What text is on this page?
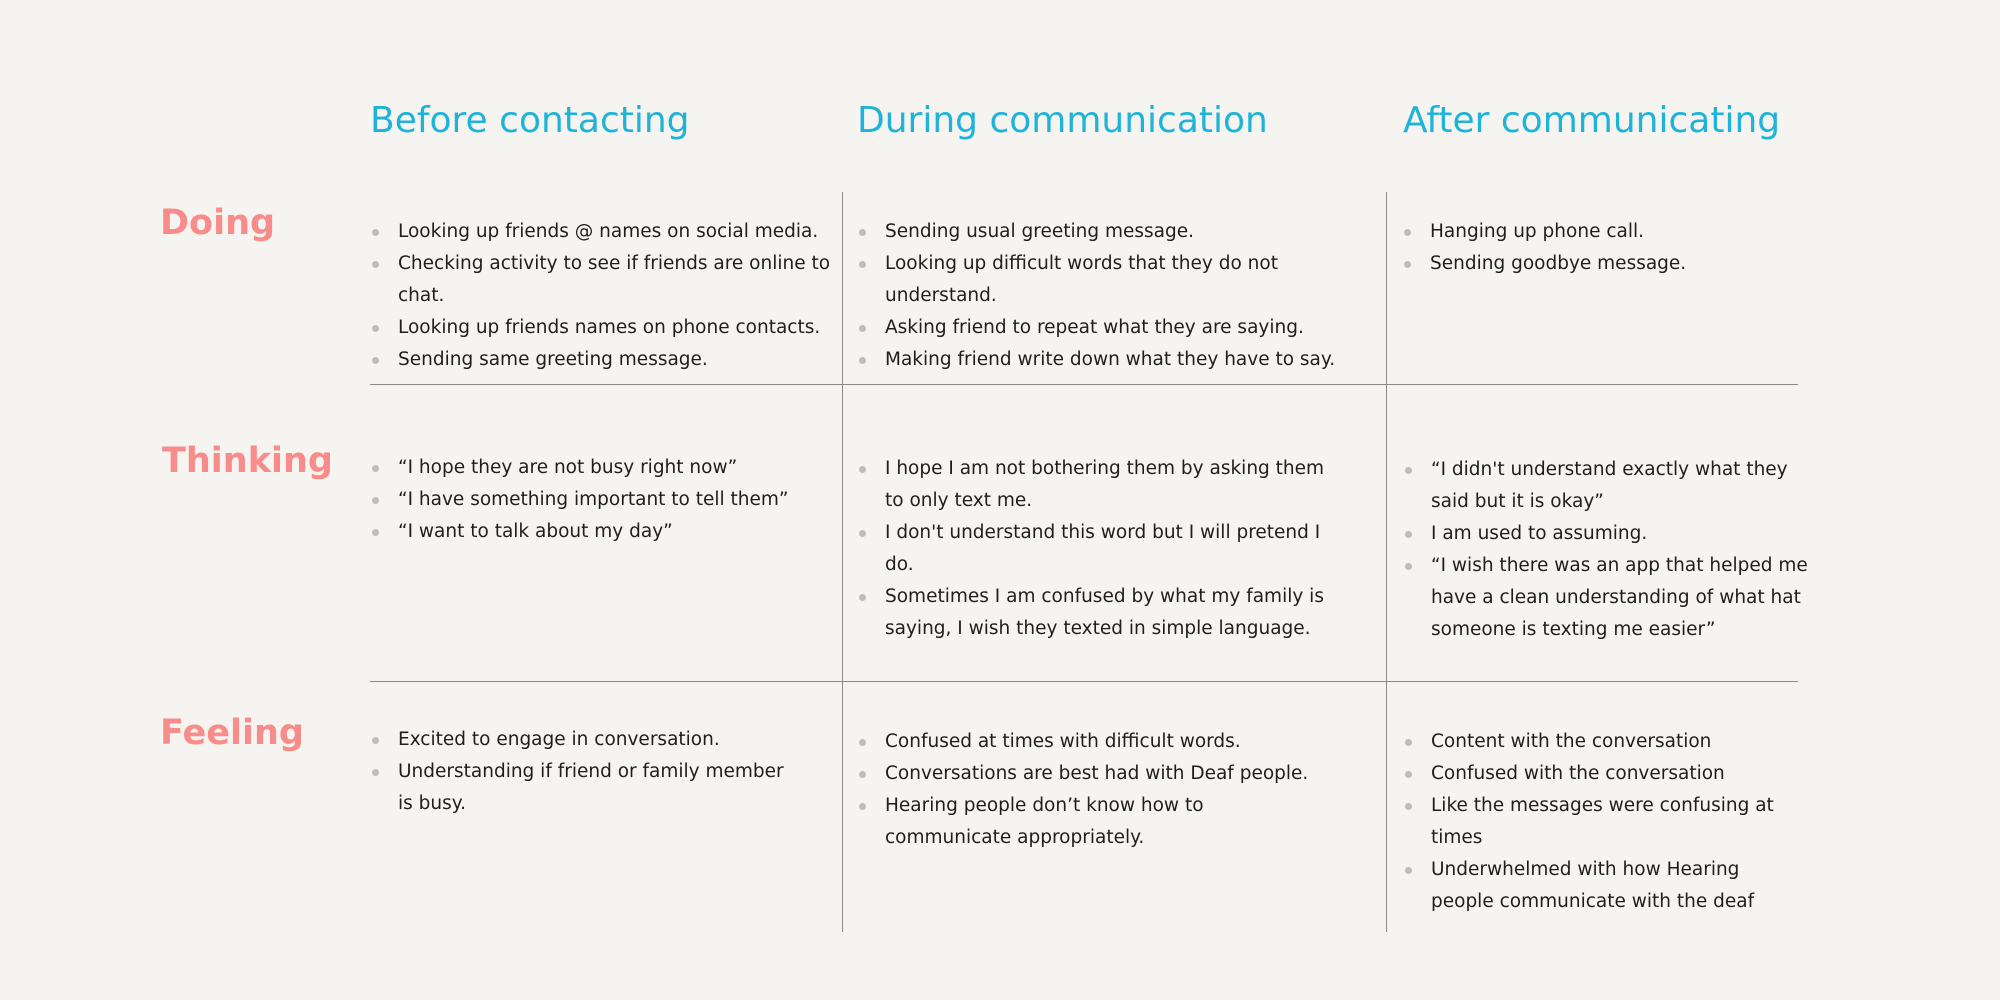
Before contacting	During communication	After communicating
Doing
Thinking
Feeling
Looking up friends @ names on social media.
Checking activity to see if friends are online to chat.
Looking up friends names on phone contacts.
Sending same greeting message.
Sending usual greeting message.
Looking up difficult words that they do not understand.
Asking friend to repeat what they are saying.
Making friend write down what they have to say.
Hanging up phone call.
Sending goodbye message.
“I hope they are not busy right now”
“I have something important to tell them”
“I want to talk about my day”
I hope I am not bothering them by asking them to only text me.
I don't understand this word but I will pretend I do.
Sometimes I am confused by what my family is saying, I wish they texted in simple language.
“I didn't understand exactly what they said but it is okay”
I am used to assuming.
“I wish there was an app that helped me have a clean understanding of what hat someone is texting me easier”
Excited to engage in conversation.
Understanding if friend or family member is busy.
Confused at times with difficult words.
Conversations are best had with Deaf people.
Hearing people don’t know how to communicate appropriately.
Content with the conversation
Confused with the conversation
Like the messages were confusing at times
Underwhelmed with how Hearing people communicate with the deaf
